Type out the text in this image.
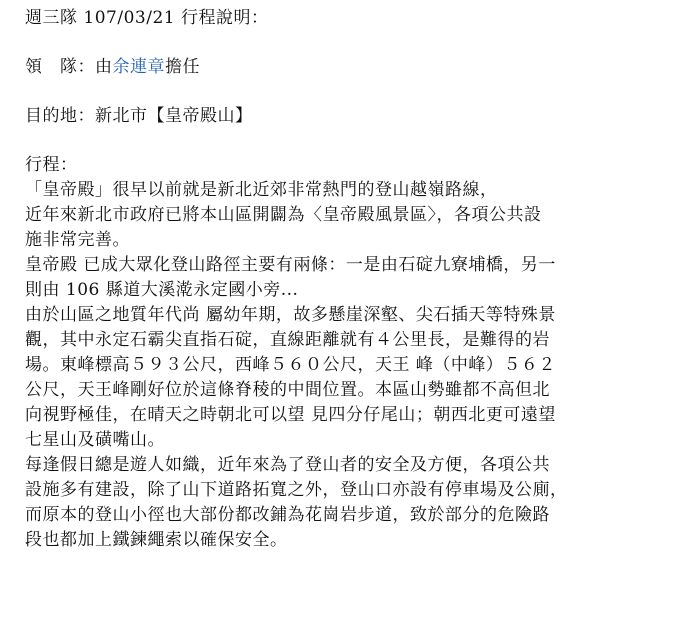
週三隊 107/03/21 行程說明：
領　隊：由余連章擔任
目的地：新北市【皇帝殿山】
行程：
「皇帝殿」很早以前就是新北近郊非常熱門的登山越嶺路線，
近年來新北市政府已將本山區開闢為〈皇帝殿風景區〉，各項公共設
施非常完善。
皇帝殿 已成大眾化登山路徑主要有兩條：一是由石碇九寮埔橋，另一
則由 106 縣道大溪漧永定國小旁...
由於山區之地質年代尚 屬幼年期，故多懸崖深壑、尖石插天等特殊景
觀，其中永定石霸尖直指石碇，直線距離就有４公里長，是難得的岩
場。東峰標高５９３公尺，西峰５６０公尺，天王 峰（中峰）５６２
公尺，天王峰剛好位於這條脊稜的中間位置。本區山勢雖都不高但北
向視野極佳，在晴天之時朝北可以望 見四分仔尾山；朝西北更可遠望
七星山及磺嘴山。
每逢假日總是遊人如織，近年來為了登山者的安全及方便，各項公共
設施多有建設，除了山下道路拓寬之外，登山口亦設有停車場及公廁，
而原本的登山小徑也大部份都改鋪為花崗岩步道，致於部分的危險路
段也都加上鐵鍊繩索以確保安全。
